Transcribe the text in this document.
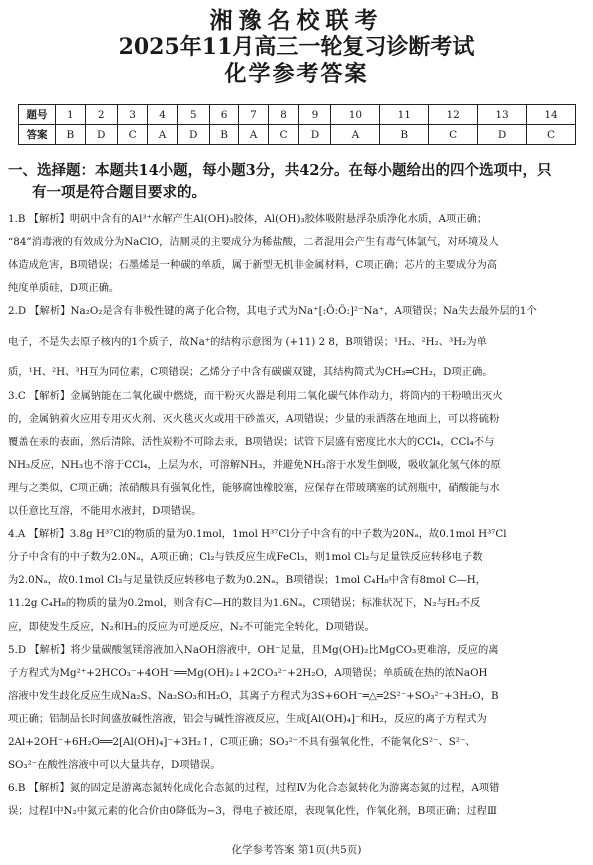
湘豫名校联考
2025年11月高三一轮复习诊断考试
化学参考答案
题号	1	2	3	4	5	6	7	8	9	10	11	12	13	14
答案	B	D	C	A	D	B	A	C	D	A	B	C	D	C
一、选择题：本题共14小题，每小题3分，共42分。在每小题给出的四个选项中，只
有一项是符合题目要求的。
1.B 【解析】明矾中含有的Al³⁺水解产生Al(OH)₃胶体，Al(OH)₃胶体吸附悬浮杂质净化水质，A项正确；
“84”消毒液的有效成分为NaClO，洁厕灵的主要成分为稀盐酸，二者混用会产生有毒气体氯气，对环境及人
体造成危害，B项错误；石墨烯是一种碳的单质，属于新型无机非金属材料，C项正确；芯片的主要成分为高
纯度单质硅，D项正确。
2.D 【解析】Na₂O₂是含有非极性键的离子化合物，其电子式为Na⁺[:Ö:Ö:]²⁻Na⁺，A项错误；Na失去最外层的1个
电子，不是失去原子核内的1个质子，故Na⁺的结构示意图为 (+11) 2 8，B项错误；¹H₂、²H₂、³H₂为单
质，¹H、²H、³H互为同位素，C项错误；乙烯分子中含有碳碳双键，其结构简式为CH₂═CH₂，D项正确。
3.C 【解析】金属钠能在二氧化碳中燃烧，而干粉灭火器是利用二氧化碳气体作动力，将筒内的干粉喷出灭火
的，金属钠着火应用专用灭火剂、灭火毯灭火或用干砂盖灭，A项错误；少量的汞洒落在地面上，可以将硫粉
覆盖在汞的表面，然后清除，活性炭粉不可除去汞，B项错误；试管下层盛有密度比水大的CCl₄，CCl₄不与
NH₃反应，NH₃也不溶于CCl₄，上层为水，可溶解NH₃，并避免NH₃溶于水发生倒吸，吸收氯化氢气体的原
理与之类似，C项正确；浓硝酸具有强氧化性，能够腐蚀橡胶塞，应保存在带玻璃塞的试剂瓶中，硝酸能与水
以任意比互溶，不能用水液封，D项错误。
4.A 【解析】3.8g H³⁷Cl的物质的量为0.1mol，1mol H³⁷Cl分子中含有的中子数为20Nₐ，故0.1mol H³⁷Cl
分子中含有的中子数为2.0Nₐ，A项正确；Cl₂与铁反应生成FeCl₃，则1mol Cl₂与足量铁反应转移电子数
为2.0Nₐ，故0.1mol Cl₂与足量铁反应转移电子数为0.2Nₐ，B项错误；1mol C₄H₈中含有8mol C—H，
11.2g C₄H₈的物质的量为0.2mol，则含有C—H的数目为1.6Nₐ，C项错误；标准状况下，N₂与H₂不反
应，即使发生反应，N₂和H₂的反应为可逆反应，N₂不可能完全转化，D项错误。
5.D 【解析】将少量碳酸氢镁溶液加入NaOH溶液中，OH⁻足量，且Mg(OH)₂比MgCO₃更难溶，反应的离
子方程式为Mg²⁺+2HCO₃⁻+4OH⁻══Mg(OH)₂↓+2CO₃²⁻+2H₂O，A项错误；单质硫在热的浓NaOH
溶液中发生歧化反应生成Na₂S、Na₂SO₃和H₂O，其离子方程式为3S+6OH⁻═△═2S²⁻+SO₃²⁻+3H₂O，B
项正确；铝制品长时间盛放碱性溶液，铝会与碱性溶液反应，生成[Al(OH)₄]⁻和H₂，反应的离子方程式为
2Al+2OH⁻+6H₂O══2[Al(OH)₄]⁻+3H₂↑，C项正确；SO₃²⁻不具有强氧化性，不能氧化S²⁻、S²⁻、
SO₃²⁻在酸性溶液中可以大量共存，D项错误。
6.B 【解析】氮的固定是游离态氮转化成化合态氮的过程，过程Ⅳ为化合态氮转化为游离态氮的过程，A项错
误；过程Ⅰ中N₂中氮元素的化合价由0降低为−3，得电子被还原，表现氧化性，作氧化剂，B项正确；过程Ⅲ
化学参考答案 第1页(共5页)
